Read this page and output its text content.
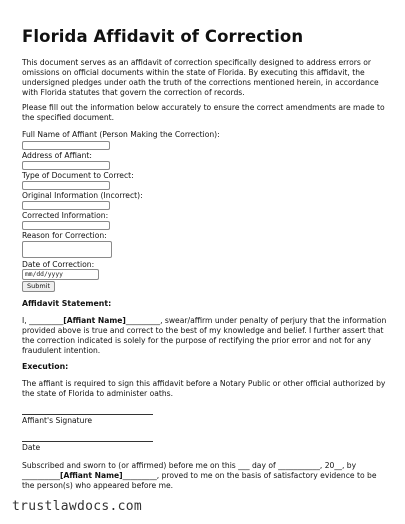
Florida Affidavit of Correction

This document serves as an affidavit of correction specifically designed to address errors or omissions on official documents within the state of Florida. By executing this affidavit, the undersigned pledges under oath the truth of the corrections mentioned herein, in accordance with Florida statutes that govern the correction of records.

Please fill out the information below accurately to ensure the correct amendments are made to the specified document.

Full Name of Affiant (Person Making the Correction):
Address of Affiant:
Type of Document to Correct:
Original Information (Incorrect):
Corrected Information:
Reason for Correction:
Date of Correction:
mm/dd/yyyy
Submit
Affidavit Statement:

I, _________[Affiant Name]_________, swear/affirm under penalty of perjury that the information provided above is true and correct to the best of my knowledge and belief. I further assert that the correction indicated is solely for the purpose of rectifying the prior error and not for any fraudulent intention.

Execution:

The affiant is required to sign this affidavit before a Notary Public or other official authorized by the state of Florida to administer oaths.

Affiant's Signature
Date

Subscribed and sworn to (or affirmed) before me on this ___ day of ___________, 20__, by __________[Affiant Name]_________, proved to me on the basis of satisfactory evidence to be the person(s) who appeared before me.

trustlawdocs.com
